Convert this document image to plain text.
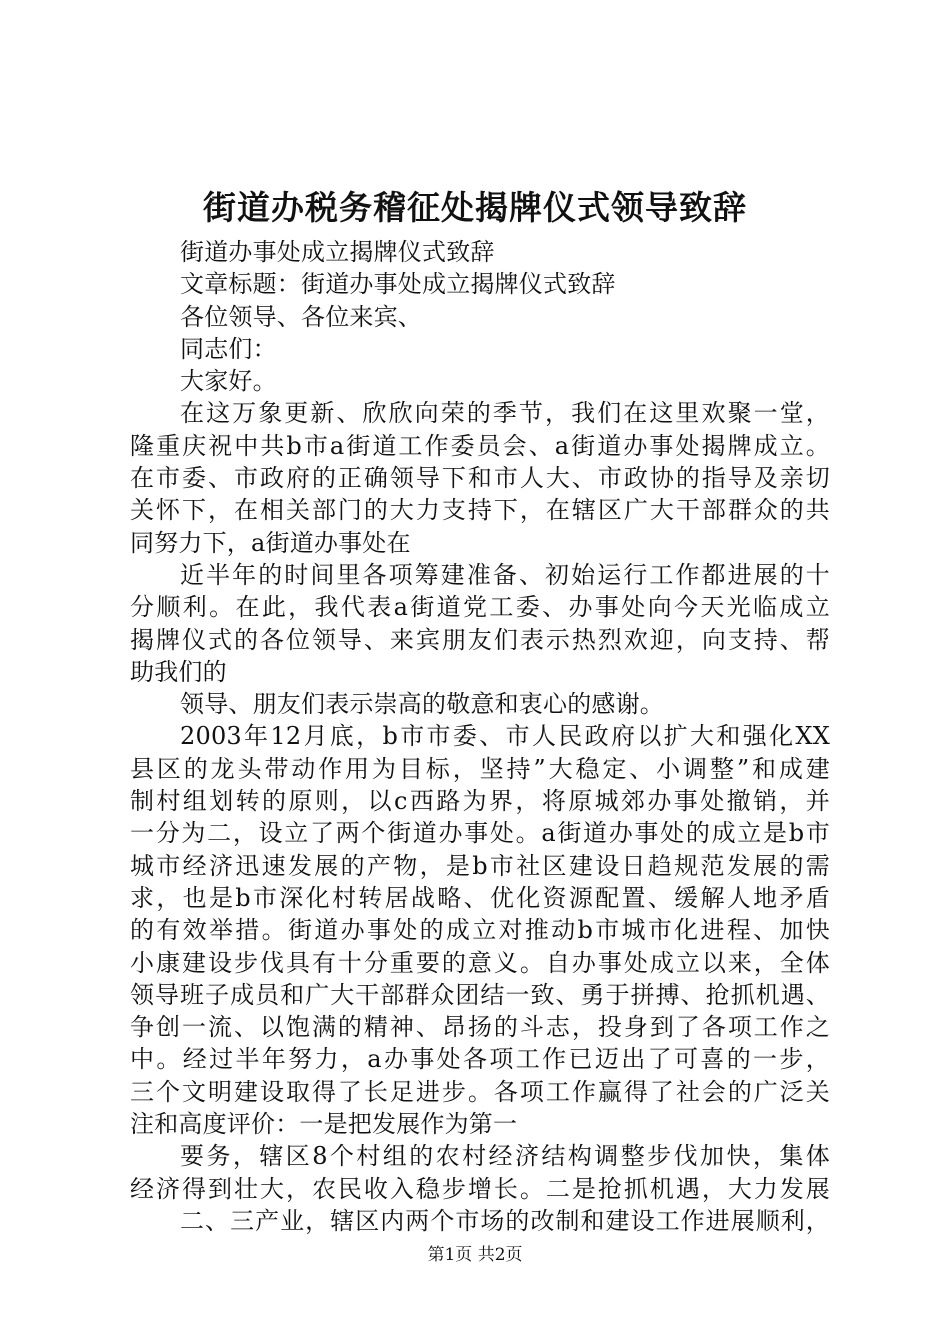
街道办税务稽征处揭牌仪式领导致辞
街道办事处成立揭牌仪式致辞
文章标题：街道办事处成立揭牌仪式致辞
各位领导、各位来宾、
同志们：
大家好。
在这万象更新、欣欣向荣的季节，我们在这里欢聚一堂，
隆重庆祝中共b市a街道工作委员会、a街道办事处揭牌成立。
在市委、市政府的正确领导下和市人大、市政协的指导及亲切
关怀下，在相关部门的大力支持下，在辖区广大干部群众的共
同努力下，a街道办事处在
近半年的时间里各项筹建准备、初始运行工作都进展的十
分顺利。在此，我代表a街道党工委、办事处向今天光临成立
揭牌仪式的各位领导、来宾朋友们表示热烈欢迎，向支持、帮
助我们的
领导、朋友们表示崇高的敬意和衷心的感谢。
2003年12月底，b市市委、市人民政府以扩大和强化XX
县区的龙头带动作用为目标，坚持”大稳定、小调整”和成建
制村组划转的原则，以c西路为界，将原城郊办事处撤销，并
一分为二，设立了两个街道办事处。a街道办事处的成立是b市
城市经济迅速发展的产物，是b市社区建设日趋规范发展的需
求，也是b市深化村转居战略、优化资源配置、缓解人地矛盾
的有效举措。街道办事处的成立对推动b市城市化进程、加快
小康建设步伐具有十分重要的意义。自办事处成立以来，全体
领导班子成员和广大干部群众团结一致、勇于拼搏、抢抓机遇、
争创一流、以饱满的精神、昂扬的斗志，投身到了各项工作之
中。经过半年努力，a办事处各项工作已迈出了可喜的一步，
三个文明建设取得了长足进步。各项工作赢得了社会的广泛关
注和高度评价：一是把发展作为第一
要务，辖区8个村组的农村经济结构调整步伐加快，集体
经济得到壮大，农民收入稳步增长。二是抢抓机遇，大力发展
二、三产业，辖区内两个市场的改制和建设工作进展顺利，
第1页 共2页
